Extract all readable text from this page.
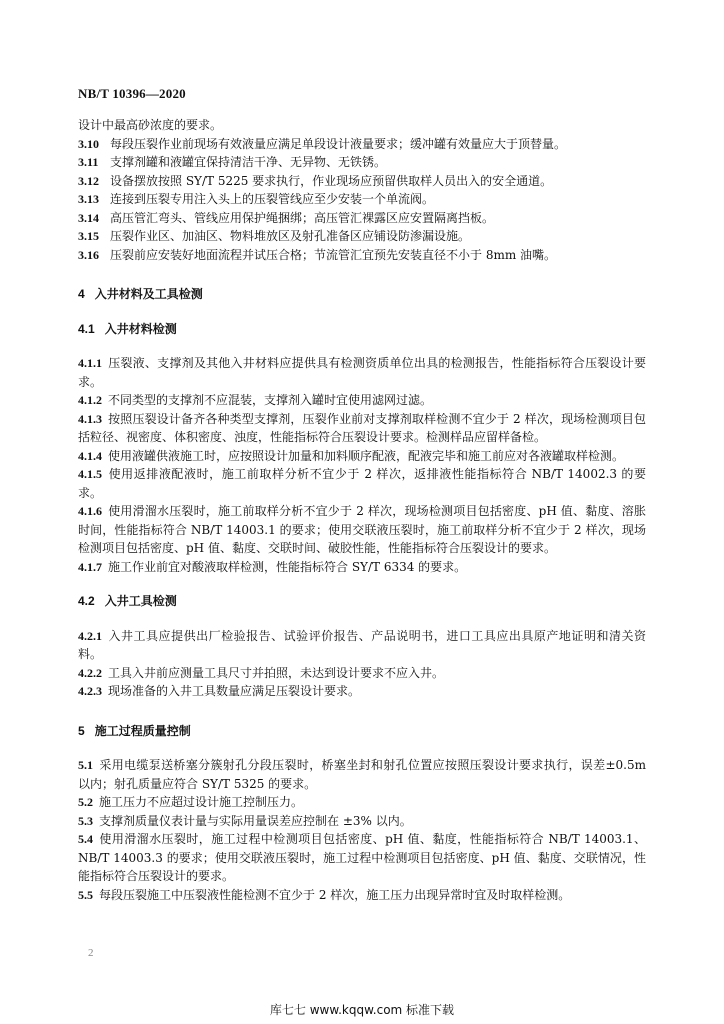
NB/T 10396—2020

设计中最高砂浓度的要求。

3.10 每段压裂作业前现场有效液量应满足单段设计液量要求；缓冲罐有效量应大于顶替量。

3.11 支撑剂罐和液罐宜保持清洁干净、无异物、无铁锈。

3.12 设备摆放按照 SY/T 5225 要求执行，作业现场应预留供取样人员出入的安全通道。

3.13 连接到压裂专用注入头上的压裂管线应至少安装一个单流阀。

3.14 高压管汇弯头、管线应用保护绳捆绑；高压管汇裸露区应安置隔离挡板。

3.15 压裂作业区、加油区、物料堆放区及射孔准备区应铺设防渗漏设施。

3.16 压裂前应安装好地面流程并试压合格；节流管汇宜预先安装直径不小于 8mm 油嘴。

4 入井材料及工具检测

4.1 入井材料检测

4.1.1 压裂液、支撑剂及其他入井材料应提供具有检测资质单位出具的检测报告，性能指标符合压裂设计要求。

4.1.2 不同类型的支撑剂不应混装，支撑剂入罐时宜使用滤网过滤。

4.1.3 按照压裂设计备齐各种类型支撑剂，压裂作业前对支撑剂取样检测不宜少于 2 样次，现场检测项目包括粒径、视密度、体积密度、浊度，性能指标符合压裂设计要求。检测样品应留样备检。

4.1.4 使用液罐供液施工时，应按照设计加量和加料顺序配液，配液完毕和施工前应对各液罐取样检测。

4.1.5 使用返排液配液时，施工前取样分析不宜少于 2 样次，返排液性能指标符合 NB/T 14002.3 的要求。

4.1.6 使用滑溜水压裂时，施工前取样分析不宜少于 2 样次，现场检测项目包括密度、pH 值、黏度、溶胀时间，性能指标符合 NB/T 14003.1 的要求；使用交联液压裂时，施工前取样分析不宜少于 2 样次，现场检测项目包括密度、pH 值、黏度、交联时间、破胶性能，性能指标符合压裂设计的要求。

4.1.7 施工作业前宜对酸液取样检测，性能指标符合 SY/T 6334 的要求。

4.2 入井工具检测

4.2.1 入井工具应提供出厂检验报告、试验评价报告、产品说明书，进口工具应出具原产地证明和清关资料。

4.2.2 工具入井前应测量工具尺寸并拍照，未达到设计要求不应入井。

4.2.3 现场准备的入井工具数量应满足压裂设计要求。

5 施工过程质量控制

5.1 采用电缆泵送桥塞分簇射孔分段压裂时，桥塞坐封和射孔位置应按照压裂设计要求执行，误差±0.5m 以内；射孔质量应符合 SY/T 5325 的要求。

5.2 施工压力不应超过设计施工控制压力。

5.3 支撑剂质量仪表计量与实际用量误差应控制在 ±3% 以内。

5.4 使用滑溜水压裂时，施工过程中检测项目包括密度、pH 值、黏度，性能指标符合 NB/T 14003.1、NB/T 14003.3 的要求；使用交联液压裂时，施工过程中检测项目包括密度、pH 值、黏度、交联情况，性能指标符合压裂设计的要求。

5.5 每段压裂施工中压裂液性能检测不宜少于 2 样次，施工压力出现异常时宜及时取样检测。

2
库七七 www.kqqw.com 标准下载
